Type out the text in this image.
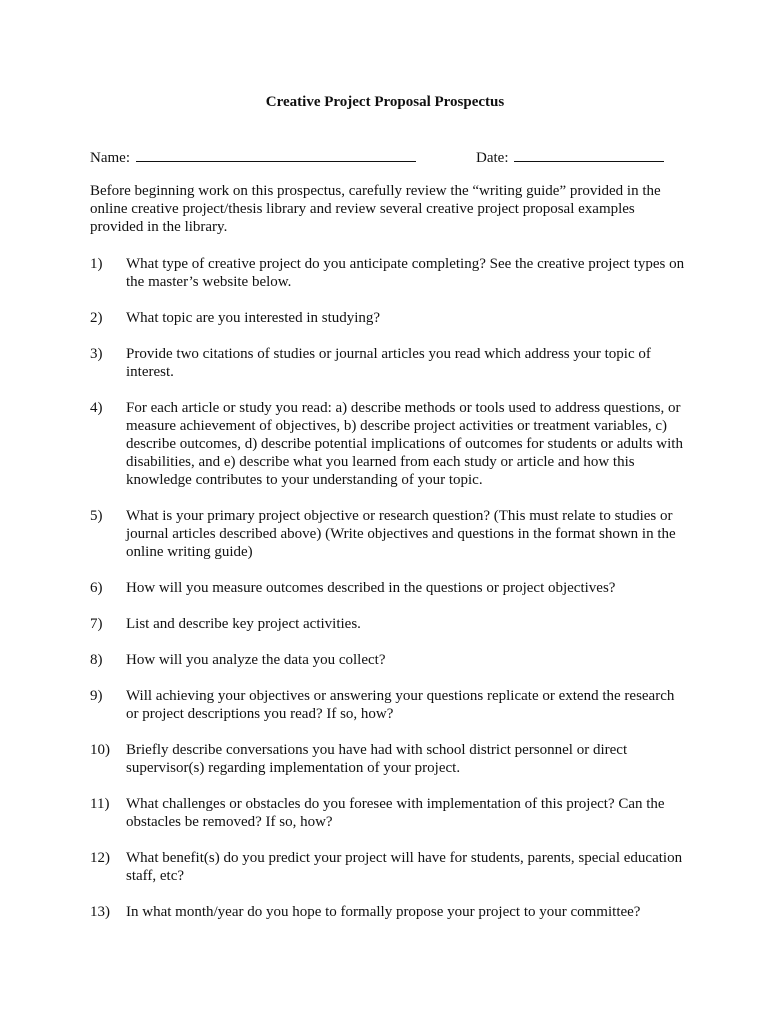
Creative Project Proposal Prospectus
Name:	Date:

Before beginning work on this prospectus, carefully review the “writing guide” provided in the online creative project/thesis library and review several creative project proposal examples provided in the library.

1)	What type of creative project do you anticipate completing? See the creative project types on the master’s website below.
2)	What topic are you interested in studying?
3)	Provide two citations of studies or journal articles you read which address your topic of interest.
4)	For each article or study you read: a) describe methods or tools used to address questions, or measure achievement of objectives, b) describe project activities or treatment variables, c) describe outcomes, d) describe potential implications of outcomes for students or adults with disabilities, and e) describe what you learned from each study or article and how this knowledge contributes to your understanding of your topic.
5)	What is your primary project objective or research question? (This must relate to studies or journal articles described above) (Write objectives and questions in the format shown in the online writing guide)
6)	How will you measure outcomes described in the questions or project objectives?
7)	List and describe key project activities.
8)	How will you analyze the data you collect?
9)	Will achieving your objectives or answering your questions replicate or extend the research or project descriptions you read? If so, how?
10)	Briefly describe conversations you have had with school district personnel or direct supervisor(s) regarding implementation of your project.
11)	What challenges or obstacles do you foresee with implementation of this project? Can the obstacles be removed? If so, how?
12)	What benefit(s) do you predict your project will have for students, parents, special education staff, etc?
13)	In what month/year do you hope to formally propose your project to your committee?
